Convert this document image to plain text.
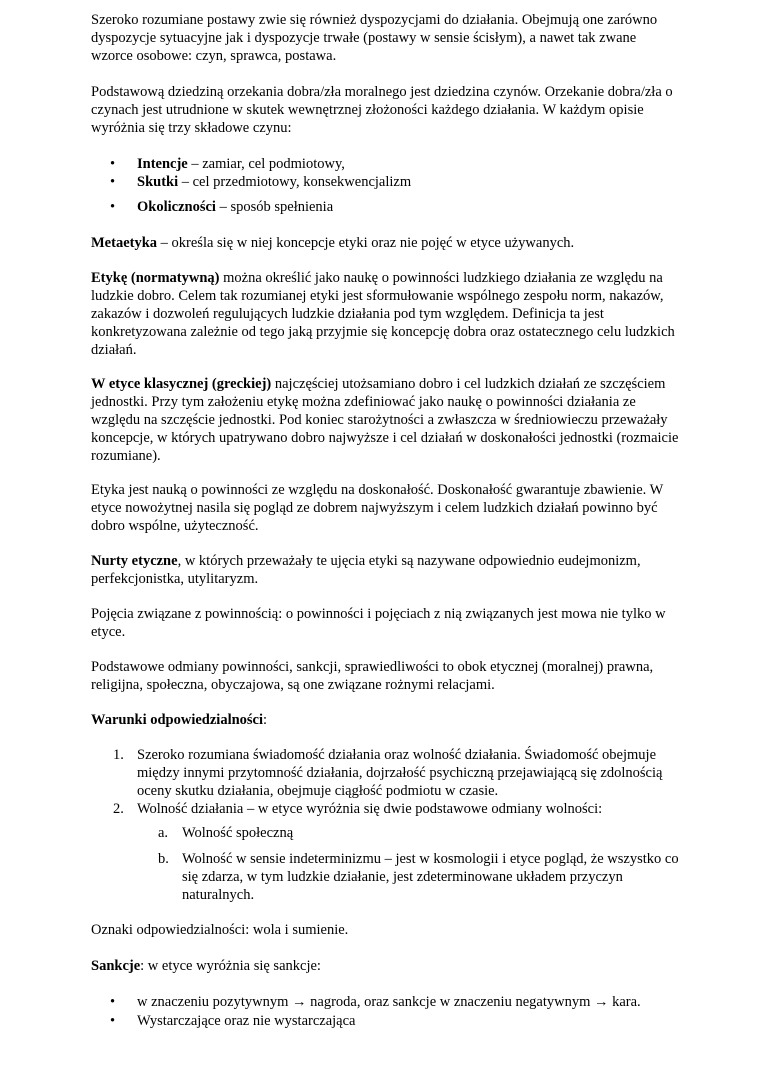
Szeroko rozumiane postawy zwie się również dyspozycjami do działania. Obejmują one zarówno dyspozycje sytuacyjne jak i dyspozycje trwałe (postawy w sensie ścisłym), a nawet tak zwane wzorce osobowe: czyn, sprawca, postawa.

Podstawową dziedziną orzekania dobra/zła moralnego jest dziedzina czynów. Orzekanie dobra/zła o czynach jest utrudnione w skutek wewnętrznej złożoności każdego działania. W każdym opisie wyróżnia się trzy składowe czynu:

• Intencje – zamiar, cel podmiotowy,
• Skutki – cel przedmiotowy, konsekwencjalizm
• Okoliczności – sposób spełnienia

Metaetyka – określa się w niej koncepcje etyki oraz nie pojęć w etyce używanych.

Etykę (normatywną) można określić jako naukę o powinności ludzkiego działania ze względu na ludzkie dobro. Celem tak rozumianej etyki jest sformułowanie wspólnego zespołu norm, nakazów, zakazów i dozwoleń regulujących ludzkie działania pod tym względem. Definicja ta jest konkretyzowana zależnie od tego jaką przyjmie się koncepcję dobra oraz ostatecznego celu ludzkich działań.

W etyce klasycznej (greckiej) najczęściej utożsamiano dobro i cel ludzkich działań ze szczęściem jednostki. Przy tym założeniu etykę można zdefiniować jako naukę o powinności działania ze względu na szczęście jednostki. Pod koniec starożytności a zwłaszcza w średniowieczu przeważały koncepcje, w których upatrywano dobro najwyższe i cel działań w doskonałości jednostki (rozmaicie rozumiane).

Etyka jest nauką o powinności ze względu na doskonałość. Doskonałość gwarantuje zbawienie. W etyce nowożytnej nasila się pogląd ze dobrem najwyższym i celem ludzkich działań powinno być dobro wspólne, użyteczność.

Nurty etyczne, w których przeważały te ujęcia etyki są nazywane odpowiednio eudejmonizm, perfekcjonistka, utylitaryzm.

Pojęcia związane z powinnością: o powinności i pojęciach z nią związanych jest mowa nie tylko w etyce.

Podstawowe odmiany powinności, sankcji, sprawiedliwości to obok etycznej (moralnej) prawna, religijna, społeczna, obyczajowa, są one związane rożnymi relacjami.

Warunki odpowiedzialności:

1. Szeroko rozumiana świadomość działania oraz wolność działania. Świadomość obejmuje między innymi przytomność działania, dojrzałość psychiczną przejawiającą się zdolnością oceny skutku działania, obejmuje ciągłość podmiotu w czasie.
2. Wolność działania – w etyce wyróżnia się dwie podstawowe odmiany wolności:
a. Wolność społeczną
b. Wolność w sensie indeterminizmu – jest w kosmologii i etyce pogląd, że wszystko co się zdarza, w tym ludzkie działanie, jest zdeterminowane układem przyczyn naturalnych.

Oznaki odpowiedzialności: wola i sumienie.

Sankcje: w etyce wyróżnia się sankcje:

• w znaczeniu pozytywnym → nagroda, oraz sankcje w znaczeniu negatywnym → kara.
• Wystarczające oraz nie wystarczająca
